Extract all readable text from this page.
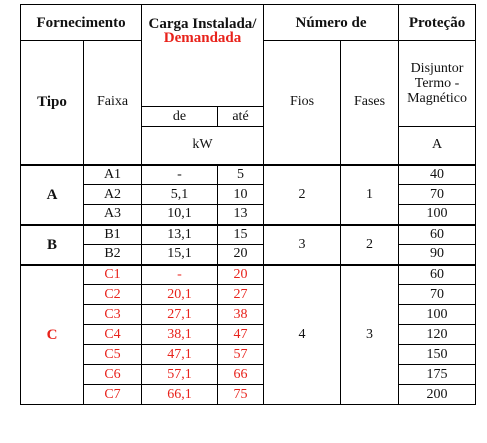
Fornecimento		Carga Instalada/
Demandada		Número de		Proteção
Tipo	Faixa			Fios	Fases	Disjuntor Termo - Magnético

		de	até			
		kW				A
A	A1	-	5	2	1	40
	A2	5,1	10			70
	A3	10,1	13			100
B	B1	13,1	15	3	2	60
	B2	15,1	20			90
C	C1	-	20	4	3	60
	C2	20,1	27			70
	C3	27,1	38			100
	C4	38,1	47			120
	C5	47,1	57			150
	C6	57,1	66			175
	C7	66,1	75			200
